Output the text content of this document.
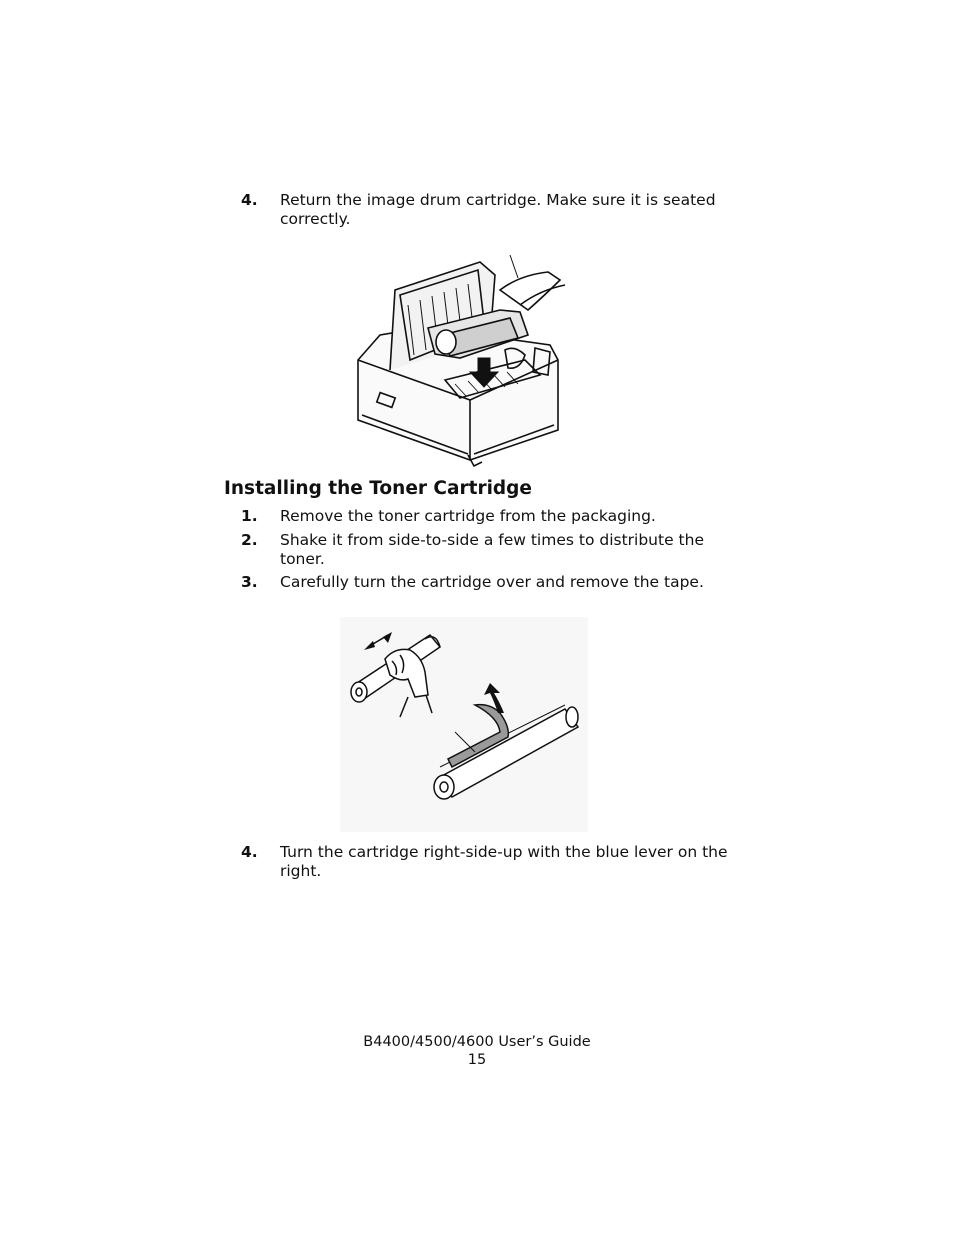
4. Return the image drum cartridge. Make sure it is seated correctly.
Installing the Toner Cartridge
1. Remove the toner cartridge from the packaging.
2. Shake it from side-to-side a few times to distribute the toner.
3. Carefully turn the cartridge over and remove the tape.
4. Turn the cartridge right-side-up with the blue lever on the right.
B4400/4500/4600 User’s Guide
15
